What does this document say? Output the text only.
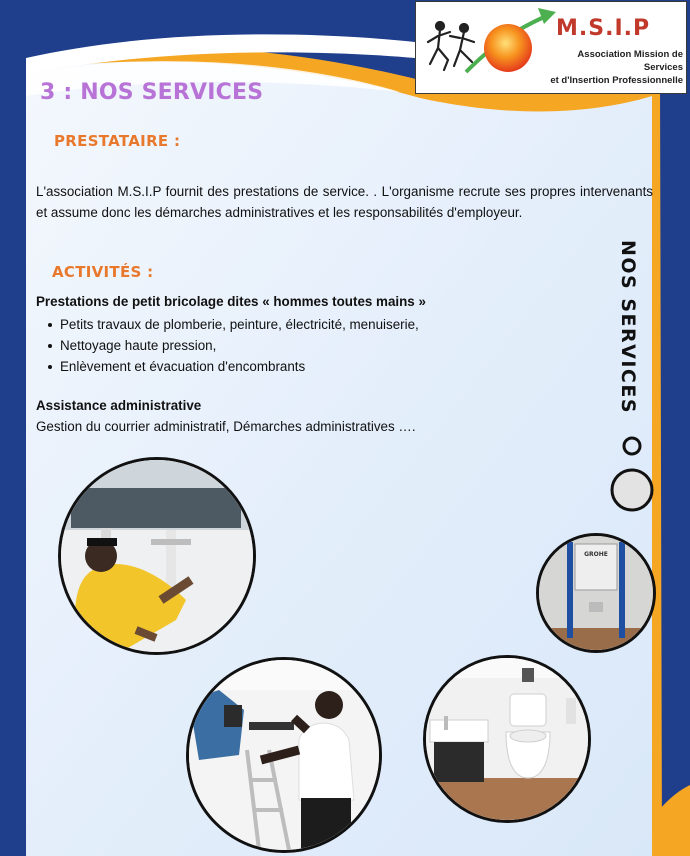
M.S.I.P
Association Mission de Services
et d'Insertion Professionnelle
3 : NOS SERVICES
PRESTATAIRE :
L'association M.S.I.P fournit des prestations de service. . L'organisme recrute ses propres intervenants et assume donc les démarches administratives et les responsabilités d'employeur.
ACTIVITÉS :
Prestations de petit bricolage dites « hommes toutes mains »
Petits travaux de plomberie, peinture, électricité, menuiserie,
Nettoyage haute pression,
Enlèvement et évacuation d'encombrants
Assistance administrative
Gestion du courrier administratif, Démarches administratives ….
NOS SERVICES
GROHE
